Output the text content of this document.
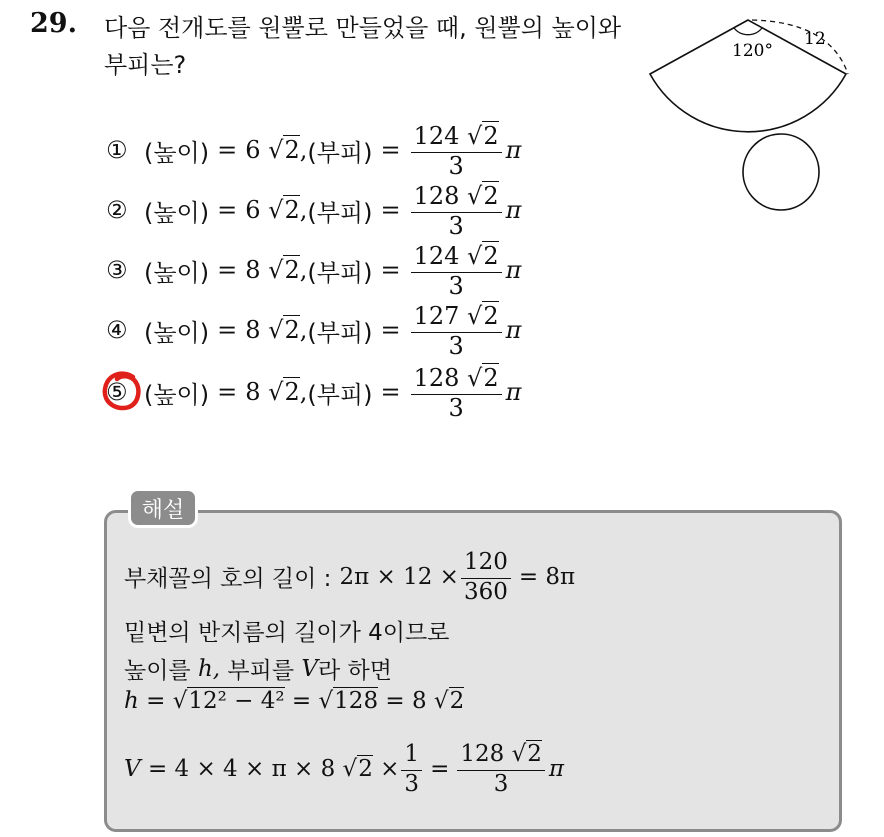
29. 다음 전개도를 원뿔로 만들었을 때, 원뿔의 높이와 부피는?	120°
12
① (높이) = 6
√2 , (부피) = $\frac{124 √2}{3}$ π
② (높이) = 6
√2 , (부피) = $\frac{128 √2}{3}$ π
③ (높이) = 8
√2 , (부피) = $\frac{124 √2}{3}$ π
④ (높이) = 8
√2 , (부피) = $\frac{127 √2}{3}$ π
⑤ (높이) = 8
√2 , (부피) = $\frac{128 √2}{3}$ π
해설
부채꼴의 호의 길이 : $2\pi \times 12 \times \frac{120}{360} = 8\pi$
밑변의 반지름의 길이가 4이므로
높이를
h,
부피를
V 라 하면
h =
√12² − 4²
=
√128
= 8
√2
V
= 4 × 4 × π × 8
√2
× $\frac{1}{3} = \frac{128 √2}{3}$ π
